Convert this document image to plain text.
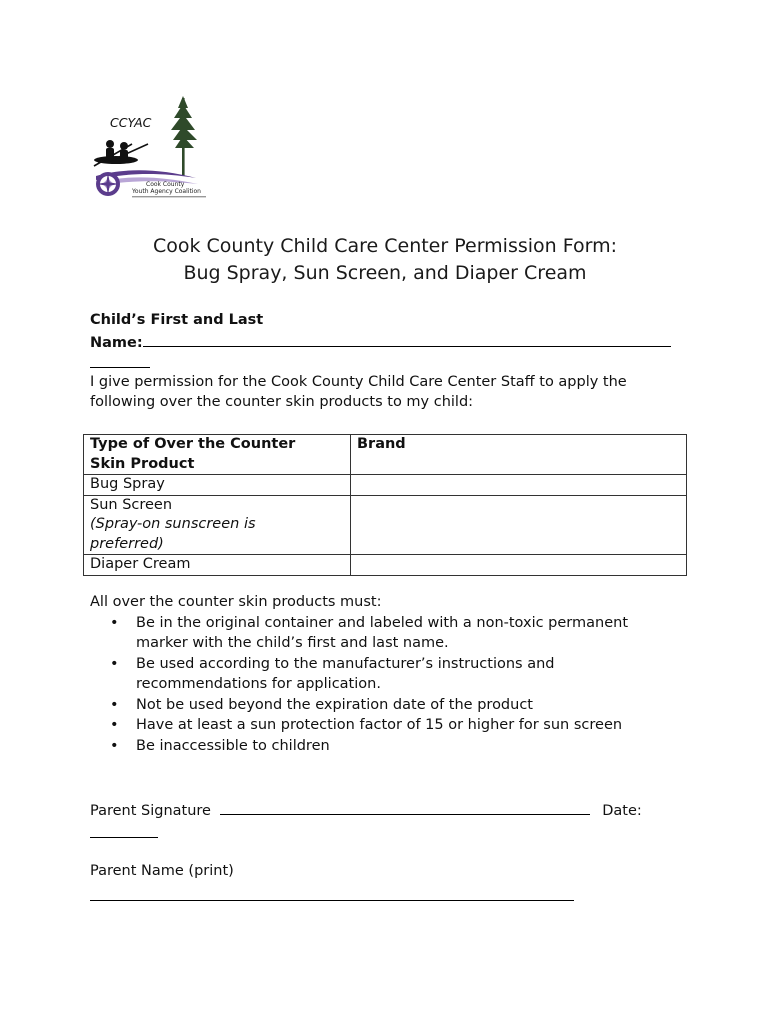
CCYAC
Cook County
Youth Agency Coalition
Cook County Child Care Center Permission Form:
Bug Spray, Sun Screen, and Diaper Cream
Child’s First and Last
Name:
I give permission for the Cook County Child Care Center Staff to apply the
following over the counter skin products to my child:
Type of Over the Counter
Skin Product	Brand
Bug Spray	

Sun Screen
(Spray-on sunscreen is
preferred)	

Diaper Cream	
All over the counter skin products must:
• Be in the original container and labeled with a non-toxic permanent
marker with the child’s first and last name.
• Be used according to the manufacturer’s instructions and
recommendations for application.
• Not be used beyond the expiration date of the product
• Have at least a sun protection factor of 15 or higher for sun screen
• Be inaccessible to children
Parent Signature	Date:
Parent Name (print)
